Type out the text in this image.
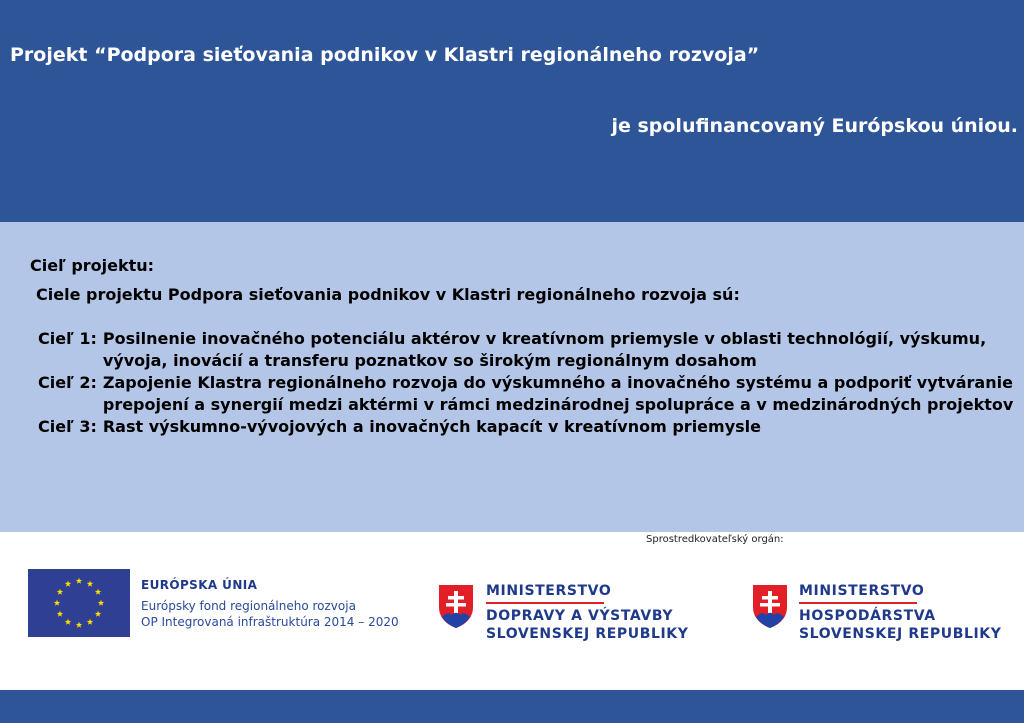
Projekt “Podpora sieťovania podnikov v Klastri regionálneho rozvoja”
je spolufinancovaný Európskou úniou.
Cieľ projektu:
Ciele projektu Podpora sieťovania podnikov v Klastri regionálneho rozvoja sú:
Cieľ 1: Posilnenie inovačného potenciálu aktérov v kreatívnom priemysle v oblasti technológií, výskumu, vývoja, inovácií a transferu poznatkov so širokým regionálnym dosahom
Cieľ 2: Zapojenie Klastra regionálneho rozvoja do výskumného a inovačného systému a podporiť vytváranie prepojení a synergií medzi aktérmi v rámci medzinárodnej spolupráce a v medzinárodných projektov
Cieľ 3: Rast výskumno-vývojových a inovačných kapacít v kreatívnom priemysle
Sprostredkovateľský orgán:
EURÓPSKA ÚNIA
Európsky fond regionálneho rozvoja
OP Integrovaná infraštruktúra 2014 – 2020
MINISTERSTVO
DOPRAVY A VÝSTAVBY
SLOVENSKEJ REPUBLIKY
MINISTERSTVO
HOSPODÁRSTVA
SLOVENSKEJ REPUBLIKY
